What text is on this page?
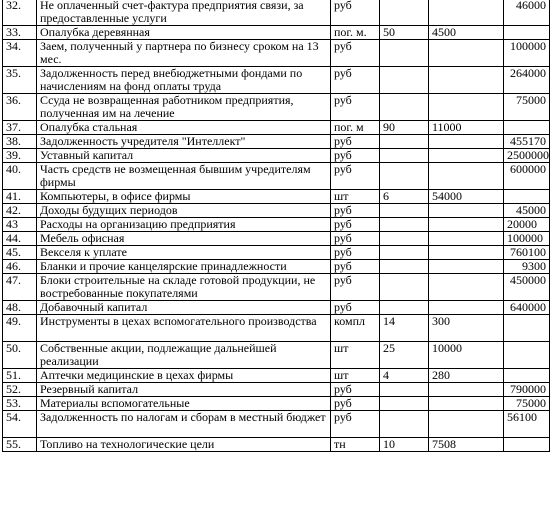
32.	Не оплаченный счет-фактура предприятия связи, за предоставленные услуги	руб			46000
33.	Опалубка деревянная	пог. м.	50	4500	
34.	Заем, полученный у партнера по бизнесу сроком на 13 мес.	руб			100000
35.	Задолженность перед внебюджетными фондами по начислениям на фонд оплаты труда	руб			264000
36.	Ссуда не возвращенная работником предприятия, полученная им на лечение	руб			75000
37.	Опалубка стальная	пог. м	90	11000	
38.	Задолженность учредителя "Интеллект"	руб			455170
39.	Уставный капитал	руб			2500000
40.	Часть средств не возмещенная бывшим учредителям фирмы	руб			600000
41.	Компьютеры, в офисе фирмы	шт	6	54000	
42.	Доходы будущих периодов	руб			45000
43	Расходы на организацию предприятия	руб			20000
44.	Мебель офисная	руб			100000
45.	Векселя к уплате	руб			760100
46.	Бланки и прочие канцелярские принадлежности	руб			9300
47.	Блоки строительные на складе готовой продукции, не востребованные покупателями	руб			450000
48.	Добавочный капитал	руб			640000
49.	Инструменты в цехах вспомогательного производства	компл	14	300	
50.	Собственные акции, подлежащие дальнейшей реализации	шт	25	10000	
51.	Аптечки медицинские в цехах фирмы	шт	4	280	
52.	Резервный капитал	руб			790000
53.	Материалы вспомогательные	руб			75000
54.	Задолженность по налогам и сборам в местный бюджет	руб			56100
55.	Топливо на технологические цели	тн	10	7508	
